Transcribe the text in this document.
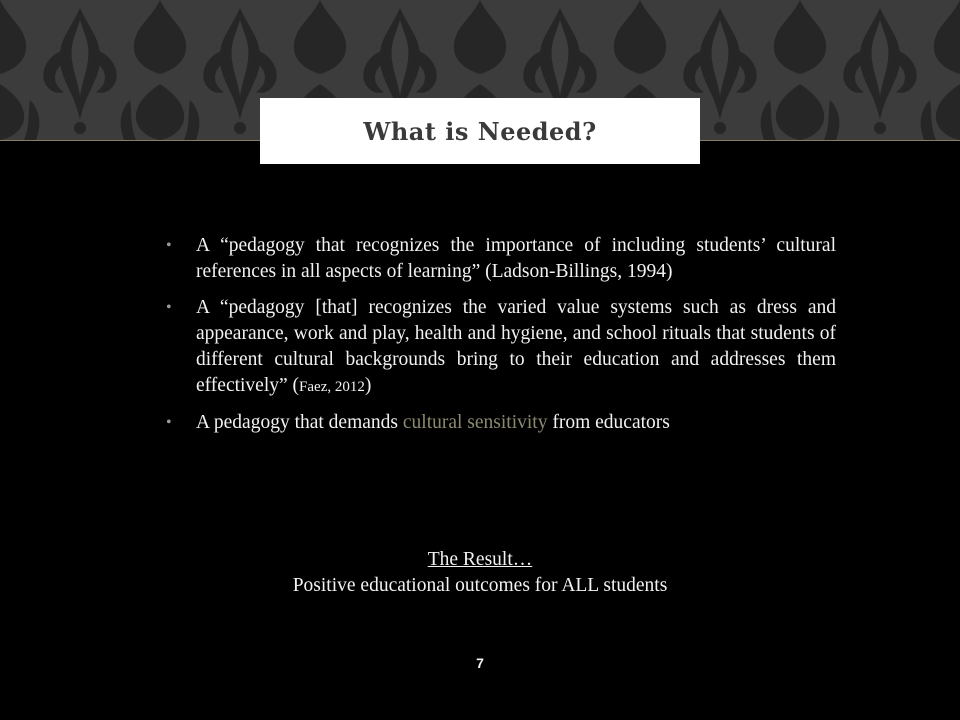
What is Needed?
• A “pedagogy that recognizes the importance of including students’ cultural references in all aspects of learning” (Ladson-Billings, 1994)
• A “pedagogy [that] recognizes the varied value systems such as dress and appearance, work and play, health and hygiene, and school rituals that students of different cultural backgrounds bring to their education and addresses them effectively” (Faez, 2012)
• A pedagogy that demands cultural sensitivity from educators
The Result…
Positive educational outcomes for ALL students
7
